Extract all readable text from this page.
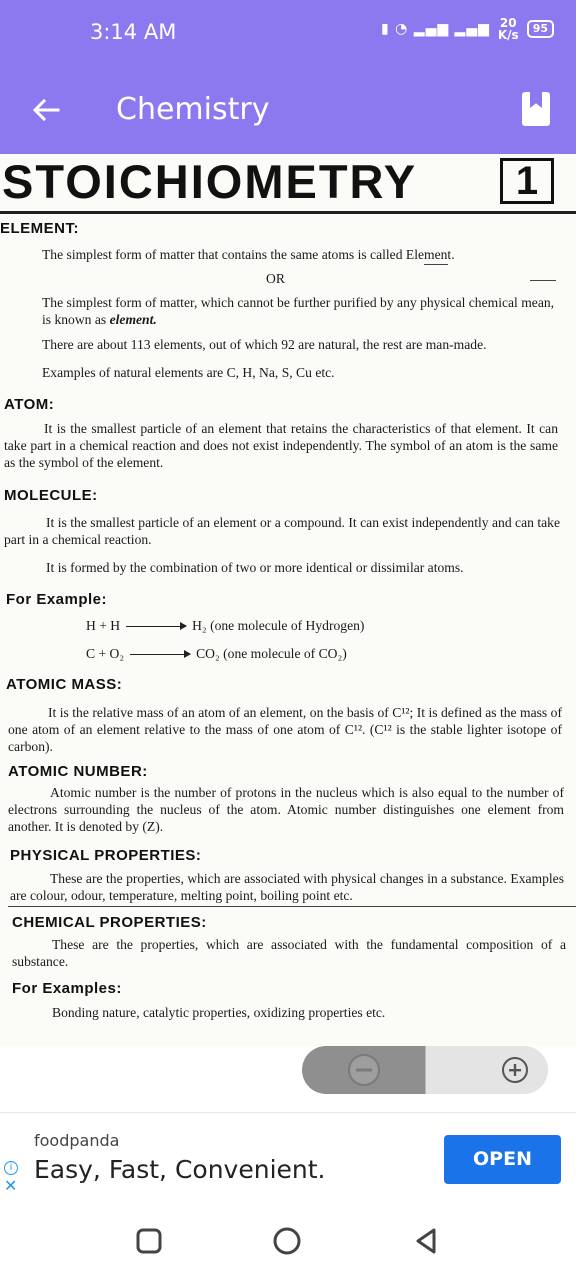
3:14 AM	▮ ◔ ▂▄▆ ▂▄▆ 20
K/s	95
Chemistry
STOICHIOMETRY	1
ELEMENT:
The simplest form of matter that contains the same atoms is called Element.
OR
The simplest form of matter, which cannot be further purified by any physical chemical mean, is known as element.
There are about 113 elements, out of which 92 are natural, the rest are man-made.
Examples of natural elements are C, H, Na, S, Cu etc.
ATOM:
It is the smallest particle of an element that retains the characteristics of that element. It can take part in a chemical reaction and does not exist independently. The symbol of an atom is the same as the symbol of the element.
MOLECULE:
It is the smallest particle of an element or a compound. It can exist independently and can take part in a chemical reaction.
It is formed by the combination of two or more identical or dissimilar atoms.
For Example:
H + H	H₂ (one molecule of Hydrogen)
C + O₂	CO₂ (one molecule of CO₂)
ATOMIC MASS:
It is the relative mass of an atom of an element, on the basis of C¹²; It is defined as the mass of one atom of an element relative to the mass of one atom of C¹². (C¹² is the stable lighter isotope of carbon).
ATOMIC NUMBER:
Atomic number is the number of protons in the nucleus which is also equal to the number of electrons surrounding the nucleus of the atom. Atomic number distinguishes one element from another. It is denoted by (Z).
PHYSICAL PROPERTIES:
These are the properties, which are associated with physical changes in a substance. Examples are colour, odour, temperature, melting point, boiling point etc.
CHEMICAL PROPERTIES:
These are the properties, which are associated with the fundamental composition of a substance.
For Examples:
Bonding nature, catalytic properties, oxidizing properties etc.
foodpanda
i
✕
Easy, Fast, Convenient.	OPEN
